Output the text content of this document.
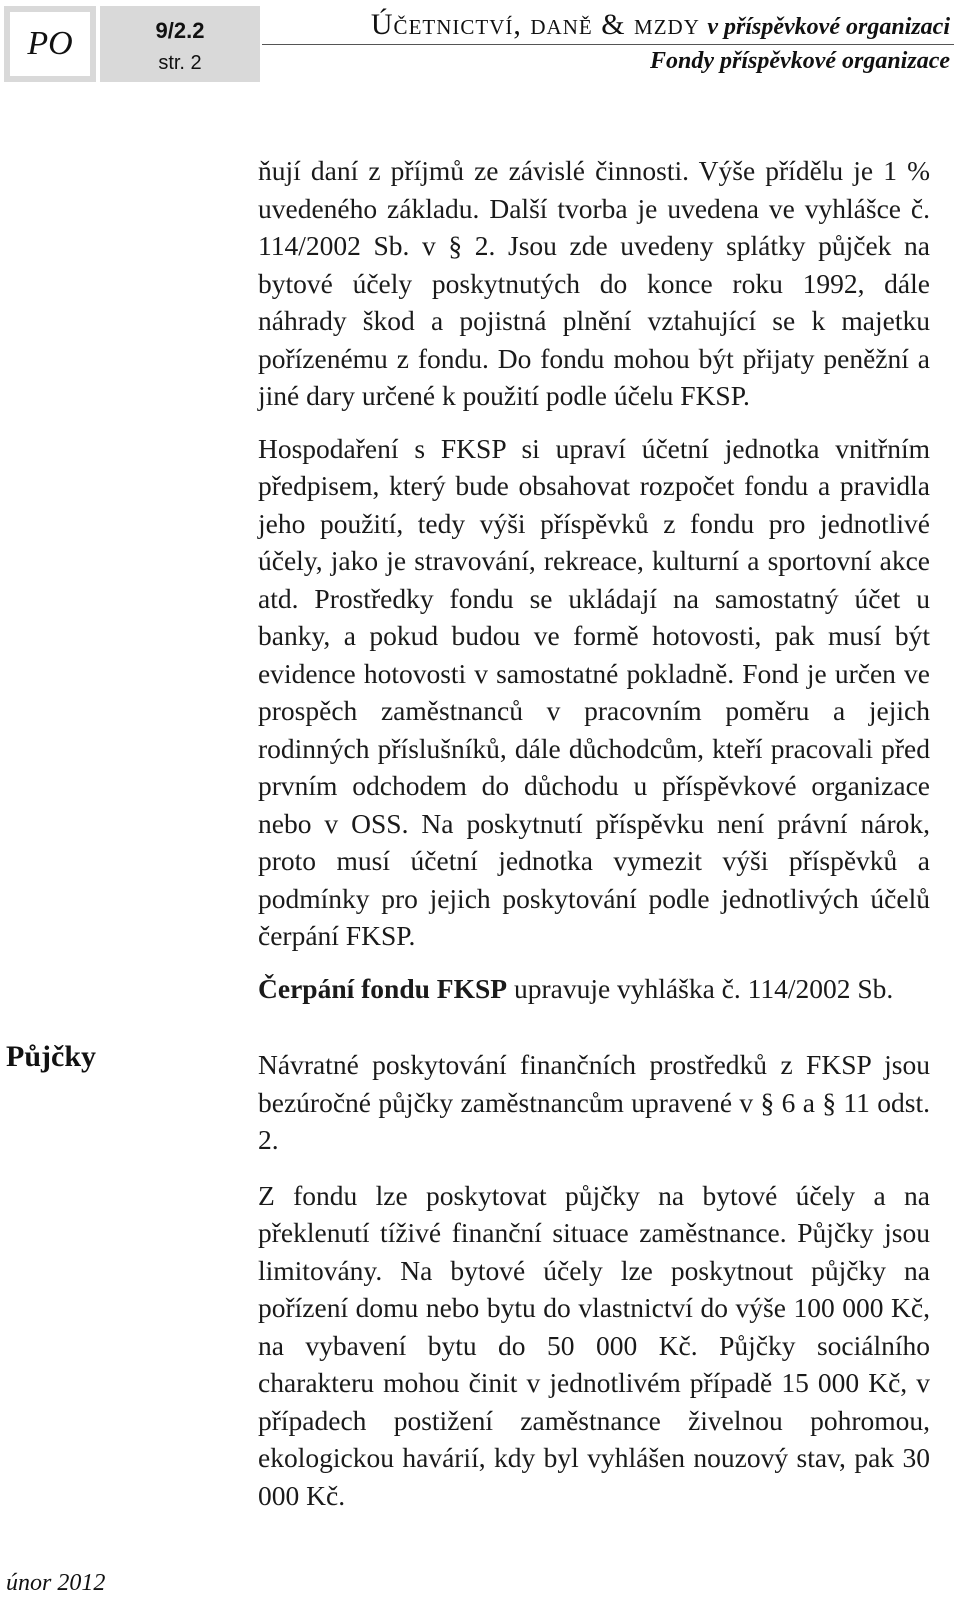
PO	9/2.2
str. 2
Účetnictví, daně & mzdy v příspěvkové organizaci
Fondy příspěvkové organizace

ňují daní z příjmů ze závislé činnosti. Výše přídělu je 1 % uvedeného základu. Další tvorba je uvedena ve vyhlášce č. 114/2002 Sb. v § 2. Jsou zde uvedeny splátky půjček na bytové účely poskytnutých do konce roku 1992, dále náhrady škod a pojistná plnění vztahující se k majetku pořízenému z fondu. Do fondu mohou být přijaty peněžní a jiné dary určené k použití podle účelu FKSP.

Hospodaření s FKSP si upraví účetní jednotka vnitřním předpisem, který bude obsahovat rozpočet fondu a pravidla jeho použití, tedy výši příspěvků z fondu pro jednotlivé účely, jako je stravování, rekreace, kulturní a sportovní akce atd. Prostředky fondu se ukládají na samostatný účet u banky, a pokud budou ve formě hotovosti, pak musí být evidence hotovosti v samostatné pokladně. Fond je určen ve prospěch zaměstnanců v pracovním poměru a jejich rodinných příslušníků, dále důchodcům, kteří pracovali před prvním odchodem do důchodu u příspěvkové organizace nebo v OSS. Na poskytnutí příspěvku není právní nárok, proto musí účetní jednotka vymezit výši příspěvků a podmínky pro jejich poskytování podle jednotlivých účelů čerpání FKSP.

Čerpání fondu FKSP upravuje vyhláška č. 114/2002 Sb.

Půjčky	Návratné poskytování finančních prostředků z FKSP jsou bezúročné půjčky zaměstnancům upravené v § 6 a § 11 odst. 2.

Z fondu lze poskytovat půjčky na bytové účely a na překlenutí tíživé finanční situace zaměstnance. Půjčky jsou limitovány. Na bytové účely lze poskytnout půjčky na pořízení domu nebo bytu do vlastnictví do výše 100 000 Kč, na vybavení bytu do 50 000 Kč. Půjčky sociálního charakteru mohou činit v jednotlivém případě 15 000 Kč, v případech postižení zaměstnance živelnou pohromou, ekologickou havárií, kdy byl vyhlášen nouzový stav, pak 30 000 Kč.

únor 2012
